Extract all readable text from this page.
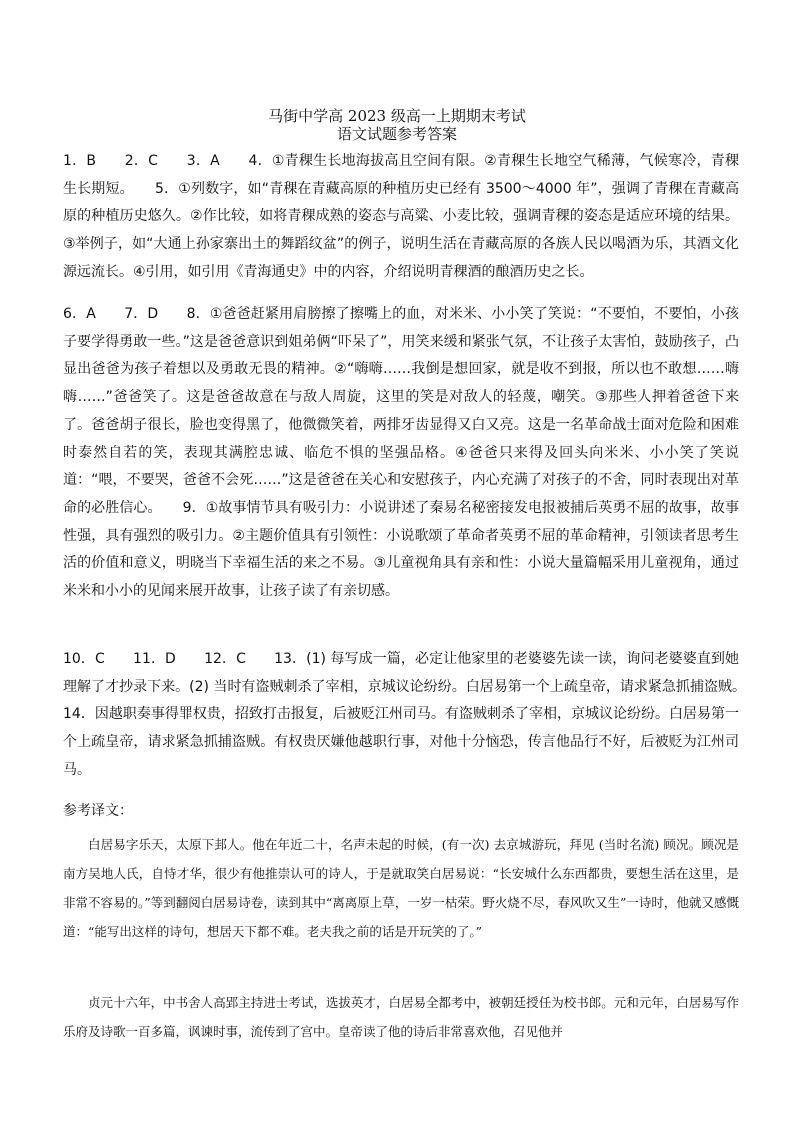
马街中学高 2023 级高一上期期末考试
语文试题参考答案

1．B　　2．C　　3．A　　4．①青稞生长地海拔高且空间有限。②青稞生长地空气稀薄，气候寒冷，青稞生长期短。　　5．①列数字，如“青稞在青藏高原的种植历史已经有 3500～4000 年”，强调了青稞在青藏高原的种植历史悠久。②作比较，如将青稞成熟的姿态与高粱、小麦比较，强调青稞的姿态是适应环境的结果。③举例子，如“大通上孙家寨出土的舞蹈纹盆”的例子，说明生活在青藏高原的各族人民以喝酒为乐，其酒文化源远流长。④引用，如引用《青海通史》中的内容，介绍说明青稞酒的酿酒历史之长。

6．A　　7．D　　8．①爸爸赶紧用肩膀擦了擦嘴上的血，对米米、小小笑了笑说：“不要怕，不要怕，小孩子要学得勇敢一些。”这是爸爸意识到姐弟俩“吓呆了”，用笑来缓和紧张气氛，不让孩子太害怕，鼓励孩子，凸显出爸爸为孩子着想以及勇敢无畏的精神。②“嗨嗨……我倒是想回家，就是收不到报，所以也不敢想……嗨嗨……”爸爸笑了。这是爸爸故意在与敌人周旋，这里的笑是对敌人的轻蔑，嘲笑。③那些人押着爸爸下来了。爸爸胡子很长，脸也变得黑了，他微微笑着，两排牙齿显得又白又亮。这是一名革命战士面对危险和困难时泰然自若的笑，表现其满腔忠诚、临危不惧的坚强品格。④爸爸只来得及回头向米米、小小笑了笑说道：“喂，不要哭，爸爸不会死……”这是爸爸在关心和安慰孩子，内心充满了对孩子的不舍，同时表现出对革命的必胜信心。　　9．①故事情节具有吸引力：小说讲述了秦易名秘密接发电报被捕后英勇不屈的故事，故事性强，具有强烈的吸引力。②主题价值具有引领性：小说歌颂了革命者英勇不屈的革命精神，引领读者思考生活的价值和意义，明晓当下幸福生活的来之不易。③儿童视角具有亲和性：小说大量篇幅采用儿童视角，通过米米和小小的见闻来展开故事，让孩子读了有亲切感。

10．C　　11．D　　12．C　　13．(1) 每写成一篇，必定让他家里的老婆婆先读一读，询问老婆婆直到她理解了才抄录下来。(2) 当时有盗贼刺杀了宰相，京城议论纷纷。白居易第一个上疏皇帝，请求紧急抓捕盗贼。　　14．因越职奏事得罪权贵，招致打击报复，后被贬江州司马。有盗贼刺杀了宰相，京城议论纷纷。白居易第一个上疏皇帝，请求紧急抓捕盗贼。有权贵厌嫌他越职行事，对他十分恼恐，传言他品行不好，后被贬为江州司马。

参考译文：

白居易字乐天，太原下邽人。他在年近二十，名声未起的时候，(有一次) 去京城游玩，拜见 (当时名流) 顾况。顾况是南方吴地人氏，自恃才华，很少有他推崇认可的诗人，于是就取笑白居易说：“长安城什么东西都贵，要想生活在这里，是非常不容易的。”等到翻阅白居易诗卷，读到其中“离离原上草，一岁一枯荣。野火烧不尽，春风吹又生”一诗时，他就又感慨道：“能写出这样的诗句，想居天下都不难。老夫我之前的话是开玩笑的了。”

贞元十六年，中书舍人高郢主持进士考试，选拔英才，白居易全都考中，被朝廷授任为校书郎。元和元年，白居易写作乐府及诗歌一百多篇，讽谏时事，流传到了宫中。皇帝读了他的诗后非常喜欢他，召见他并
